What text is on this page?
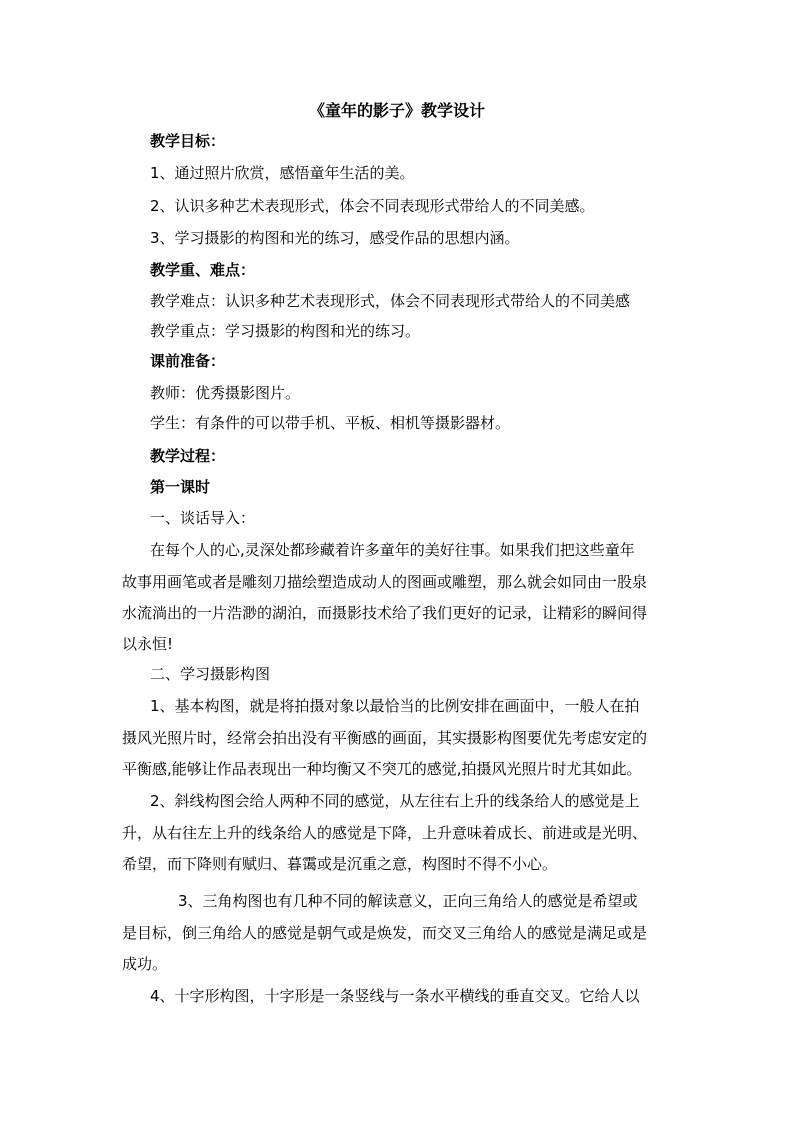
《童年的影子》教学设计
教学目标：
1、通过照片欣赏，感悟童年生活的美。
2、认识多种艺术表现形式，体会不同表现形式带给人的不同美感。
3、学习摄影的构图和光的练习，感受作品的思想内涵。
教学重、难点：
教学难点：认识多种艺术表现形式，体会不同表现形式带给人的不同美感
教学重点：学习摄影的构图和光的练习。
课前准备：
教师：优秀摄影图片。
学生：有条件的可以带手机、平板、相机等摄影器材。
教学过程：
第一课时
一、谈话导入：
在每个人的心,灵深处都珍藏着许多童年的美好往事。如果我们把这些童年
故事用画笔或者是雕刻刀描绘塑造成动人的图画或雕塑，那么就会如同由一股泉
水流淌出的一片浩渺的湖泊，而摄影技术给了我们更好的记录，让精彩的瞬间得
以永恒!
二、学习摄影构图
1、基本构图，就是将拍摄对象以最恰当的比例安排在画面中，一般人在拍
摄风光照片时，经常会拍出没有平衡感的画面，其实摄影构图要优先考虑安定的
平衡感,能够让作品表现出一种均衡又不突兀的感觉,拍摄风光照片时尤其如此。
2、斜线构图会给人两种不同的感觉，从左往右上升的线条给人的感觉是上
升，从右往左上升的线条给人的感觉是下降，上升意味着成长、前进或是光明、
希望，而下降则有赋归、暮霭或是沉重之意，构图时不得不小心。
3、三角构图也有几种不同的解读意义，正向三角给人的感觉是希望或
是目标，倒三角给人的感觉是朝气或是焕发，而交叉三角给人的感觉是满足或是
成功。
4、十字形构图，十字形是一条竖线与一条水平横线的垂直交叉。它给人以
